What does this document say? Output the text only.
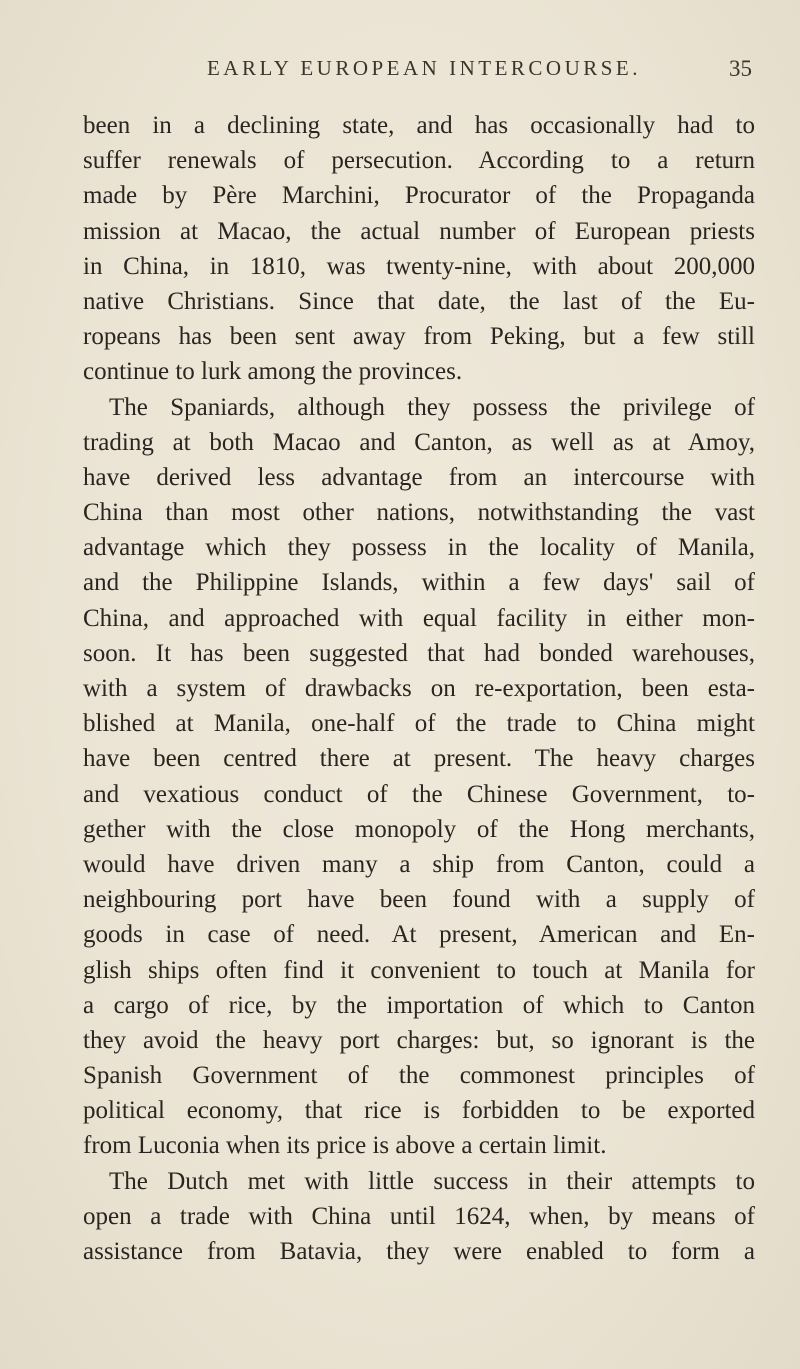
EARLY EUROPEAN INTERCOURSE.	35
been in a declining state, and has occasionally had to
suffer renewals of persecution. According to a return
made by Père Marchini, Procurator of the Propaganda
mission at Macao, the actual number of European priests
in China, in 1810, was twenty-nine, with about 200,000
native Christians. Since that date, the last of the Eu-
ropeans has been sent away from Peking, but a few still
continue to lurk among the provinces.
The Spaniards, although they possess the privilege of
trading at both Macao and Canton, as well as at Amoy,
have derived less advantage from an intercourse with
China than most other nations, notwithstanding the vast
advantage which they possess in the locality of Manila,
and the Philippine Islands, within a few days' sail of
China, and approached with equal facility in either mon-
soon. It has been suggested that had bonded warehouses,
with a system of drawbacks on re-exportation, been esta-
blished at Manila, one-half of the trade to China might
have been centred there at present. The heavy charges
and vexatious conduct of the Chinese Government, to-
gether with the close monopoly of the Hong merchants,
would have driven many a ship from Canton, could a
neighbouring port have been found with a supply of
goods in case of need. At present, American and En-
glish ships often find it convenient to touch at Manila for
a cargo of rice, by the importation of which to Canton
they avoid the heavy port charges: but, so ignorant is the
Spanish Government of the commonest principles of
political economy, that rice is forbidden to be exported
from Luconia when its price is above a certain limit.
The Dutch met with little success in their attempts to
open a trade with China until 1624, when, by means of
assistance from Batavia, they were enabled to form a
